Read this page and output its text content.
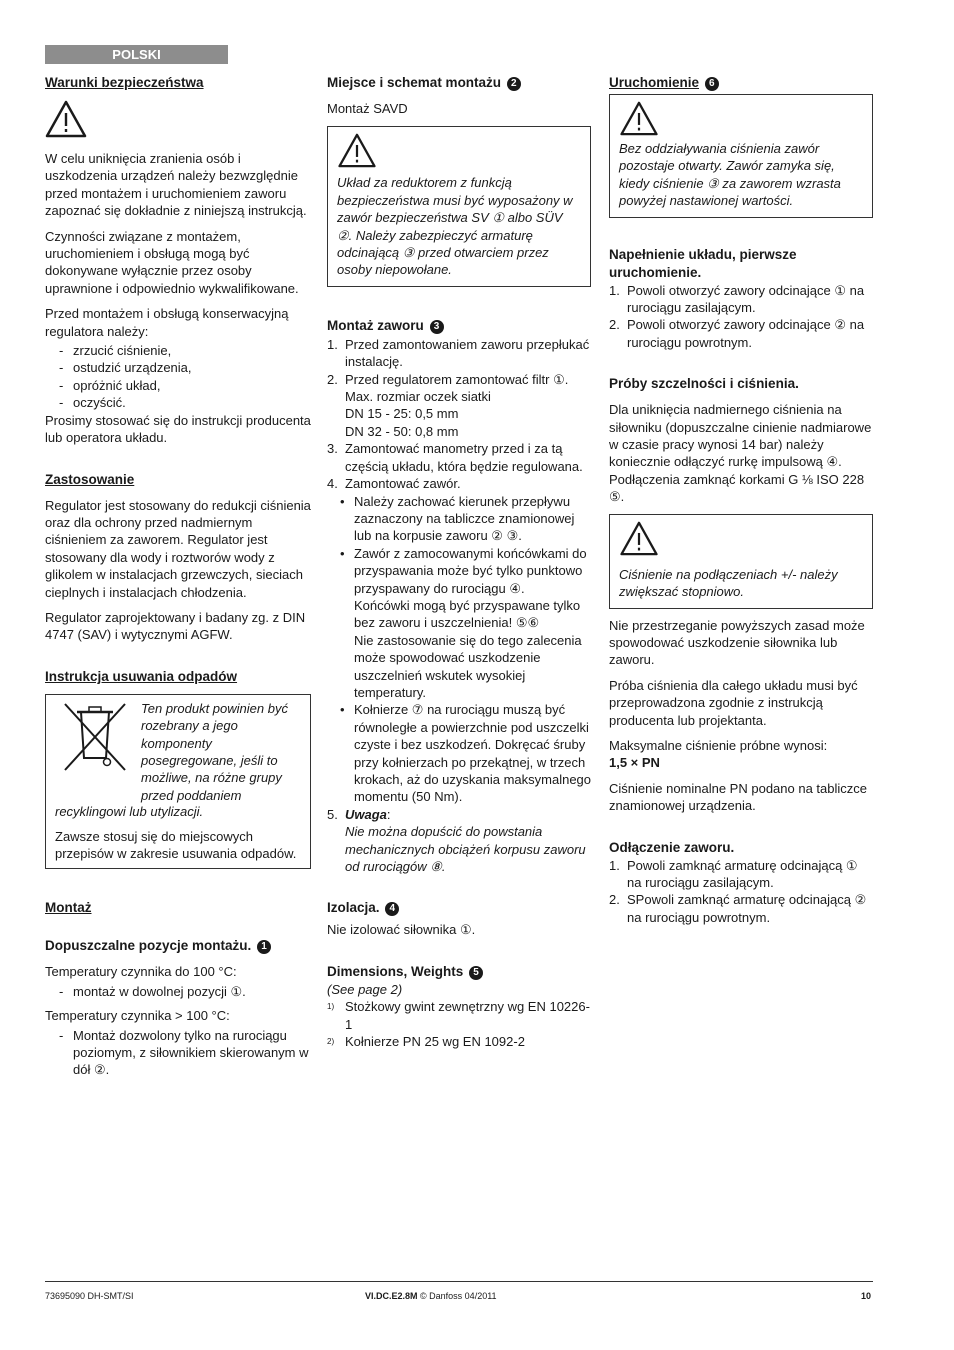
POLSKI
Warunki bezpieczeństwa

W celu uniknięcia zranienia osób i uszkodzenia urządzeń należy bezwzględnie przed montażem i uruchomieniem zaworu zapoznać się dokładnie z niniejszą instrukcją.

Czynności związane z montażem, uruchomieniem i obsługą mogą być dokonywane wyłącznie przez osoby uprawnione i odpowiednio wykwalifikowane.

Przed montażem i obsługą konserwacyjną regulatora należy:

- zrzucić ciśnienie,
- ostudzić urządzenia,
- opróżnić układ,
- oczyścić.

Prosimy stosować się do instrukcji producenta lub operatora układu.

Zastosowanie

Regulator jest stosowany do redukcji ciśnienia oraz dla ochrony przed nadmiernym ciśnieniem za zaworem. Regulator jest stosowany dla wody i roztworów wody z glikolem w instalacjach grzewczych, sieciach cieplnych i instalacjach chłodzenia.

Regulator zaprojektowany i badany zg. z DIN 4747 (SAV) i wytycznymi AGFW.

Instrukcja usuwania odpadów
Ten produkt powinien być rozebrany a jego komponenty posegregowane, jeśli to możliwe, na różne grupy przed poddaniem

recyklingowi lub utylizacji.

Zawsze stosuj się do miejscowych przepisów w zakresie usuwania odpadów.

Montaż
Dopuszczalne pozycje montażu. 1

Temperatury czynnika do 100 °C:

- montaż w dowolnej pozycji ①.

Temperatury czynnika > 100 °C:

- Montaż dozwolony tylko na rurociągu poziomym, z siłownikiem skierowanym w dół ②.
Miejsce i schemat montażu 2

Montaż SAVD

Układ za reduktorem z funkcją bezpieczeństwa musi być wyposażony w zawór bezpieczeństwa SV ① albo SÜV ②. Należy zabezpieczyć armaturę odcinającą ③ przed otwarciem przez osoby niepowołane.
Montaż zaworu 3
1. Przed zamontowaniem zaworu przepłukać instalację.
2. Przed regulatorem zamontować filtr ①.
Max. rozmiar oczek siatki
DN 15 - 25: 0,5 mm
DN 32 - 50: 0,8 mm
3. Zamontować manometry przed i za tą częścią układu, która będzie regulowana.
4. Zamontować zawór.
• Należy zachować kierunek przepływu zaznaczony na tabliczce znamionowej lub na korpusie zaworu ② ③.
• Zawór z zamocowanymi końcówkami do przyspawania może być tylko punktowo przyspawany do rurociągu ④.
Końcówki mogą być przyspawane tylko bez zaworu i uszczelnienia! ⑤⑥
Nie zastosowanie się do tego zalecenia może spowodować uszkodzenie uszczelnień wskutek wysokiej temperatury.
• Kołnierze ⑦ na rurociągu muszą być równoległe a powierzchnie pod uszczelki czyste i bez uszkodzeń. Dokręcać śruby przy kołnierzach po przekątnej, w trzech krokach, aż do uzyskania maksymalnego momentu (50 Nm).
5. Uwaga:
Nie można dopuścić do powstania mechanicznych obciążeń korpusu zaworu od rurociągów ⑧.
Izolacja. 4

Nie izolować siłownika ①.

Dimensions, Weights 5
(See page 2)
$^{1)}$ Stożkowy gwint zewnętrzny wg EN 10226-1
$^{2)}$ Kołnierze PN 25 wg EN 1092-2
Uruchomienie 6
Bez oddziaływania ciśnienia zawór pozostaje otwarty. Zawór zamyka się, kiedy ciśnienie ③ za zaworem wzrasta powyżej nastawionej wartości.
Napełnienie układu, pierwsze uruchomienie.
1. Powoli otworzyć zawory odcinające ① na rurociągu zasilającym.
2. Powoli otworzyć zawory odcinające ② na rurociągu powrotnym.
Próby szczelności i ciśnienia.

Dla uniknięcia nadmiernego ciśnienia na siłowniku (dopuszczalne cinienie nadmiarowe w czasie pracy wynosi 14 bar) należy koniecznie odłączyć rurkę impulsową ④. Podłączenia zamknąć korkami G ⅛ ISO 228 ⑤.

Ciśnienie na podłączeniach +/- należy zwiększać stopniowo.

Nie przestrzeganie powyższych zasad może spowodować uszkodzenie siłownika lub zaworu.

Próba ciśnienia dla całego układu musi być przeprowadzona zgodnie z instrukcją producenta lub projektanta.

Maksymalne ciśnienie próbne wynosi:
1,5 × PN

Ciśnienie nominalne PN podano na tabliczce znamionowej urządzenia.

Odłączenie zaworu.
1. Powoli zamknąć armaturę odcinającą ① na rurociągu zasilającym.
2. SPowoli zamknąć armaturę odcinającą ② na rurociągu powrotnym.
73695090 DH-SMT/SI	VI.DC.E2.8M © Danfoss 04/2011	10
